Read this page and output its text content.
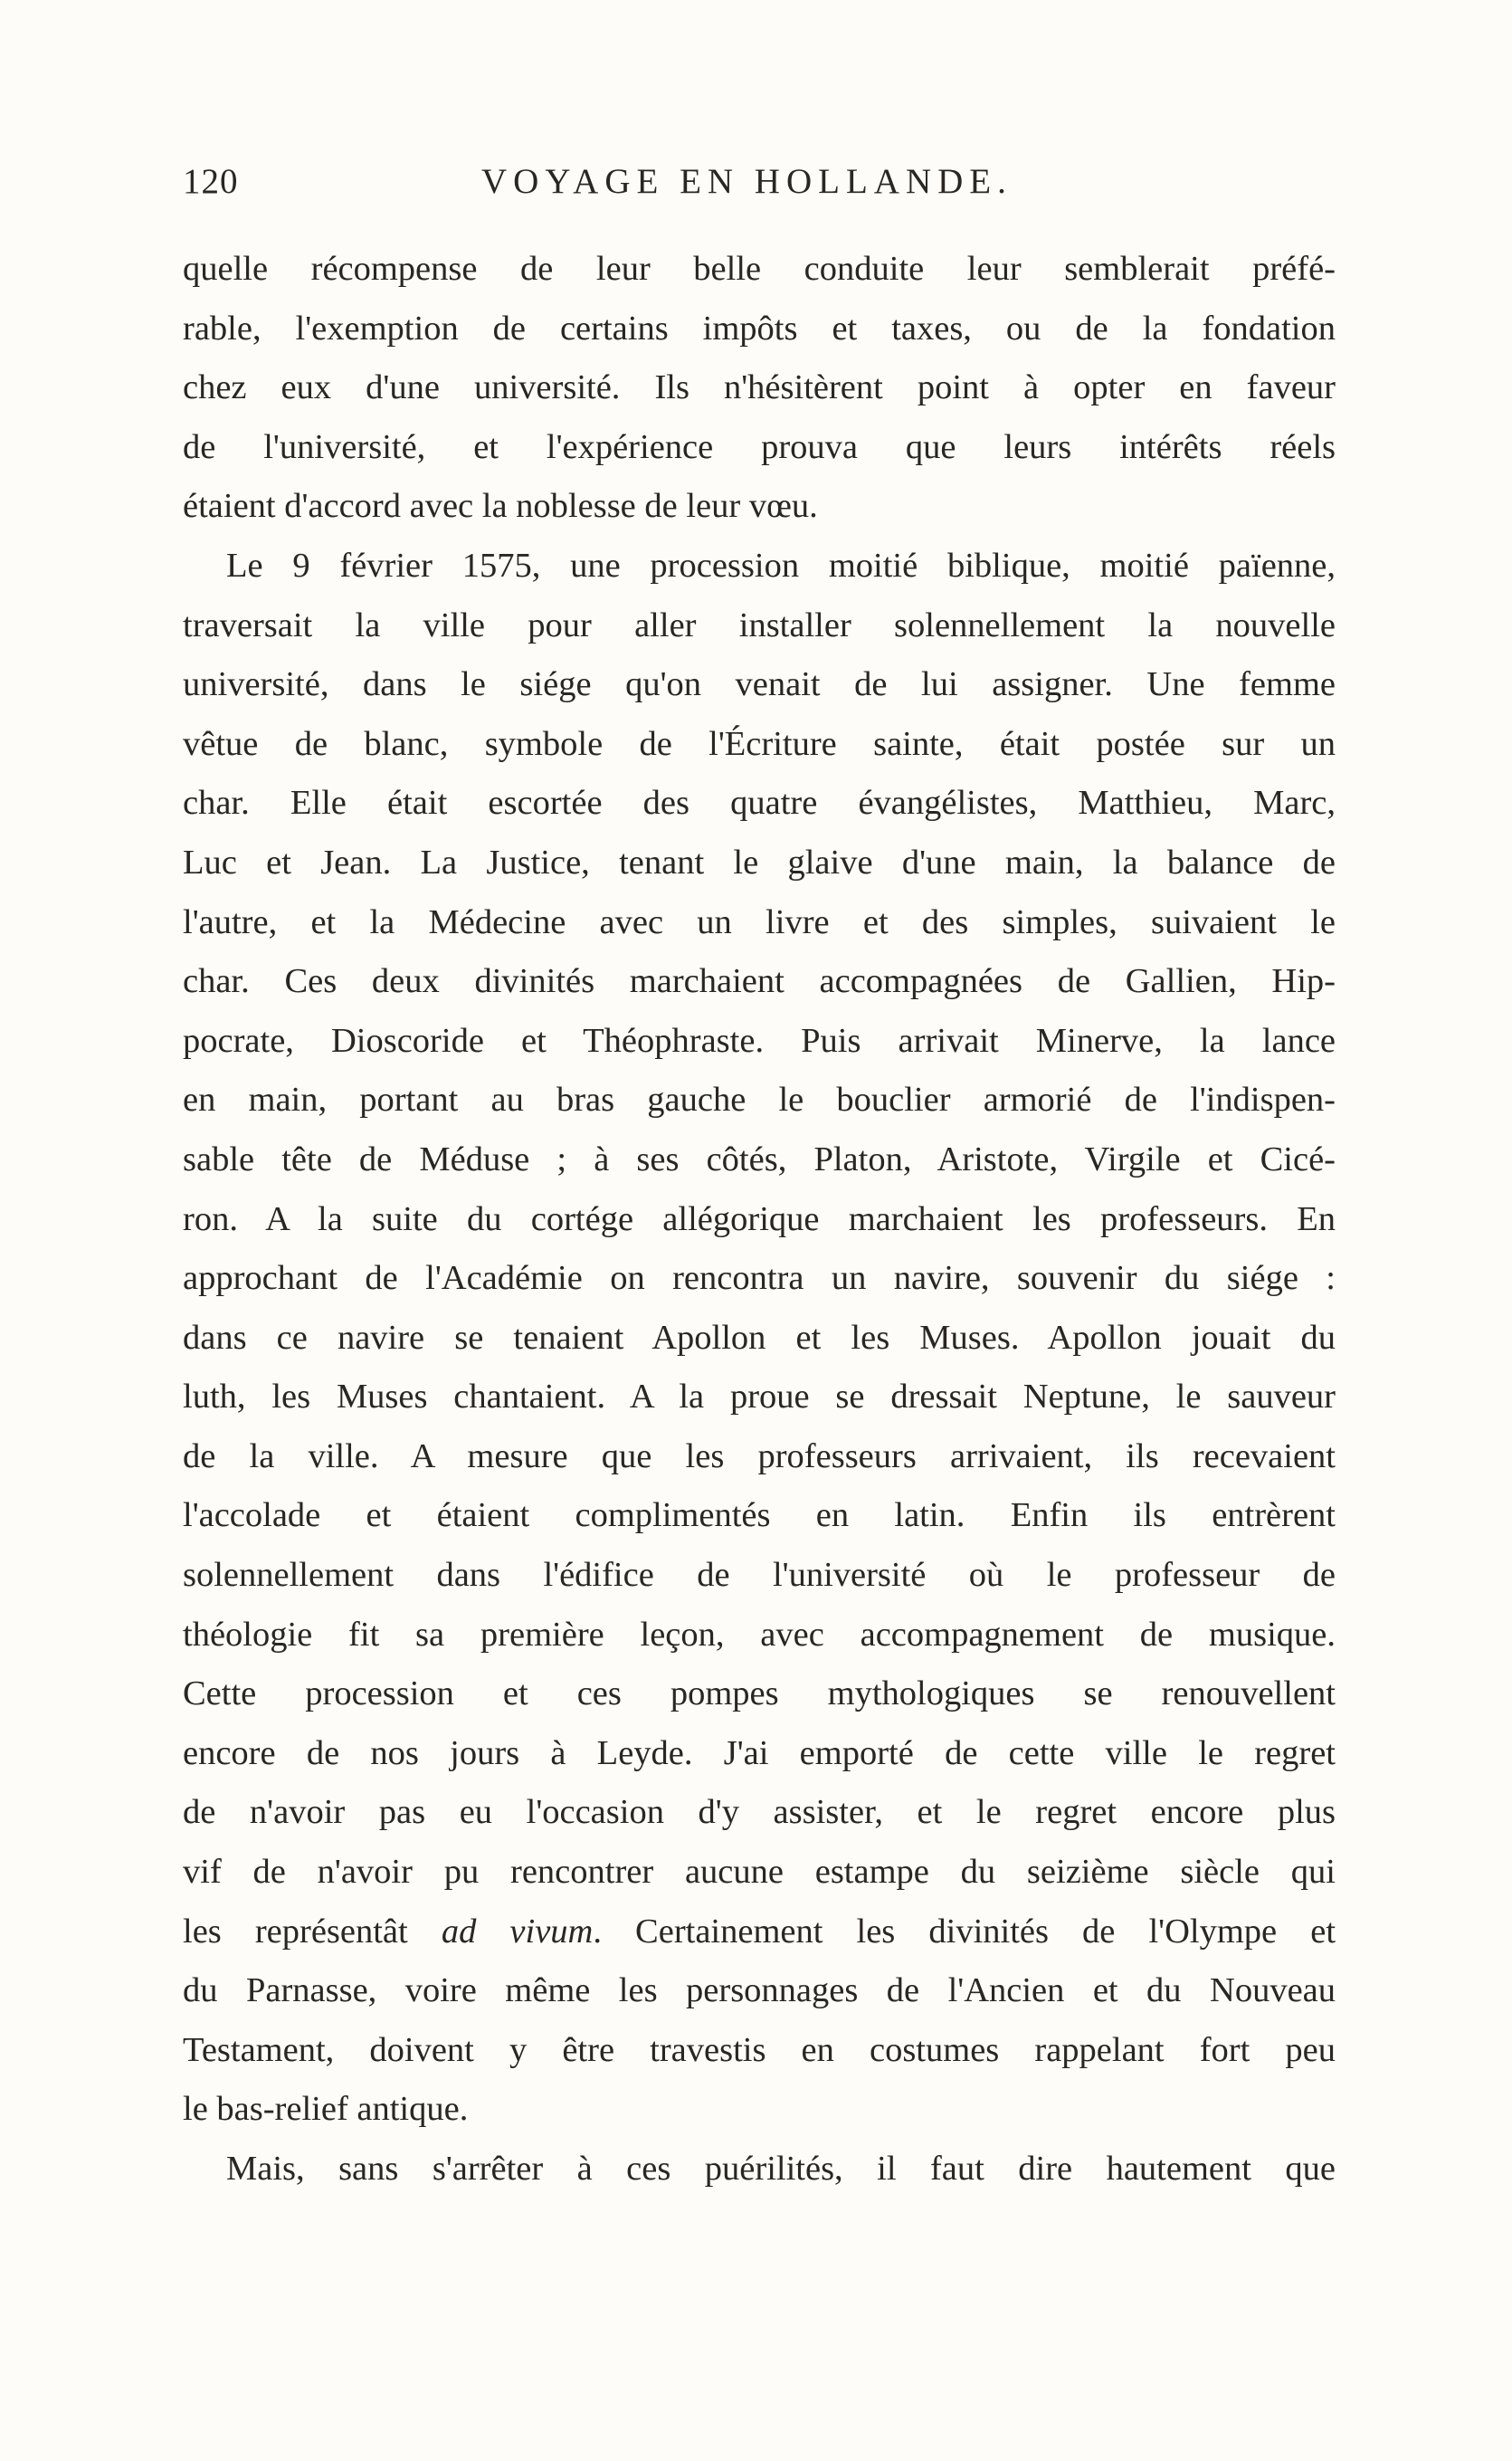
120	VOYAGE EN HOLLANDE.
quelle récompense de leur belle conduite leur semblerait préfé-
rable, l'exemption de certains impôts et taxes, ou de la fondation
chez eux d'une université. Ils n'hésitèrent point à opter en faveur
de l'université, et l'expérience prouva que leurs intérêts réels
étaient d'accord avec la noblesse de leur vœu.
Le 9 février 1575, une procession moitié biblique, moitié païenne,
traversait la ville pour aller installer solennellement la nouvelle
université, dans le siége qu'on venait de lui assigner. Une femme
vêtue de blanc, symbole de l'Écriture sainte, était postée sur un
char. Elle était escortée des quatre évangélistes, Matthieu, Marc,
Luc et Jean. La Justice, tenant le glaive d'une main, la balance de
l'autre, et la Médecine avec un livre et des simples, suivaient le
char. Ces deux divinités marchaient accompagnées de Gallien, Hip-
pocrate, Dioscoride et Théophraste. Puis arrivait Minerve, la lance
en main, portant au bras gauche le bouclier armorié de l'indispen-
sable tête de Méduse ; à ses côtés, Platon, Aristote, Virgile et Cicé-
ron. A la suite du cortége allégorique marchaient les professeurs. En
approchant de l'Académie on rencontra un navire, souvenir du siége :
dans ce navire se tenaient Apollon et les Muses. Apollon jouait du
luth, les Muses chantaient. A la proue se dressait Neptune, le sauveur
de la ville. A mesure que les professeurs arrivaient, ils recevaient
l'accolade et étaient complimentés en latin. Enfin ils entrèrent
solennellement dans l'édifice de l'université où le professeur de
théologie fit sa première leçon, avec accompagnement de musique.
Cette procession et ces pompes mythologiques se renouvellent
encore de nos jours à Leyde. J'ai emporté de cette ville le regret
de n'avoir pas eu l'occasion d'y assister, et le regret encore plus
vif de n'avoir pu rencontrer aucune estampe du seizième siècle qui
les représentât ad vivum. Certainement les divinités de l'Olympe et
du Parnasse, voire même les personnages de l'Ancien et du Nouveau
Testament, doivent y être travestis en costumes rappelant fort peu
le bas-relief antique.
Mais, sans s'arrêter à ces puérilités, il faut dire hautement que
